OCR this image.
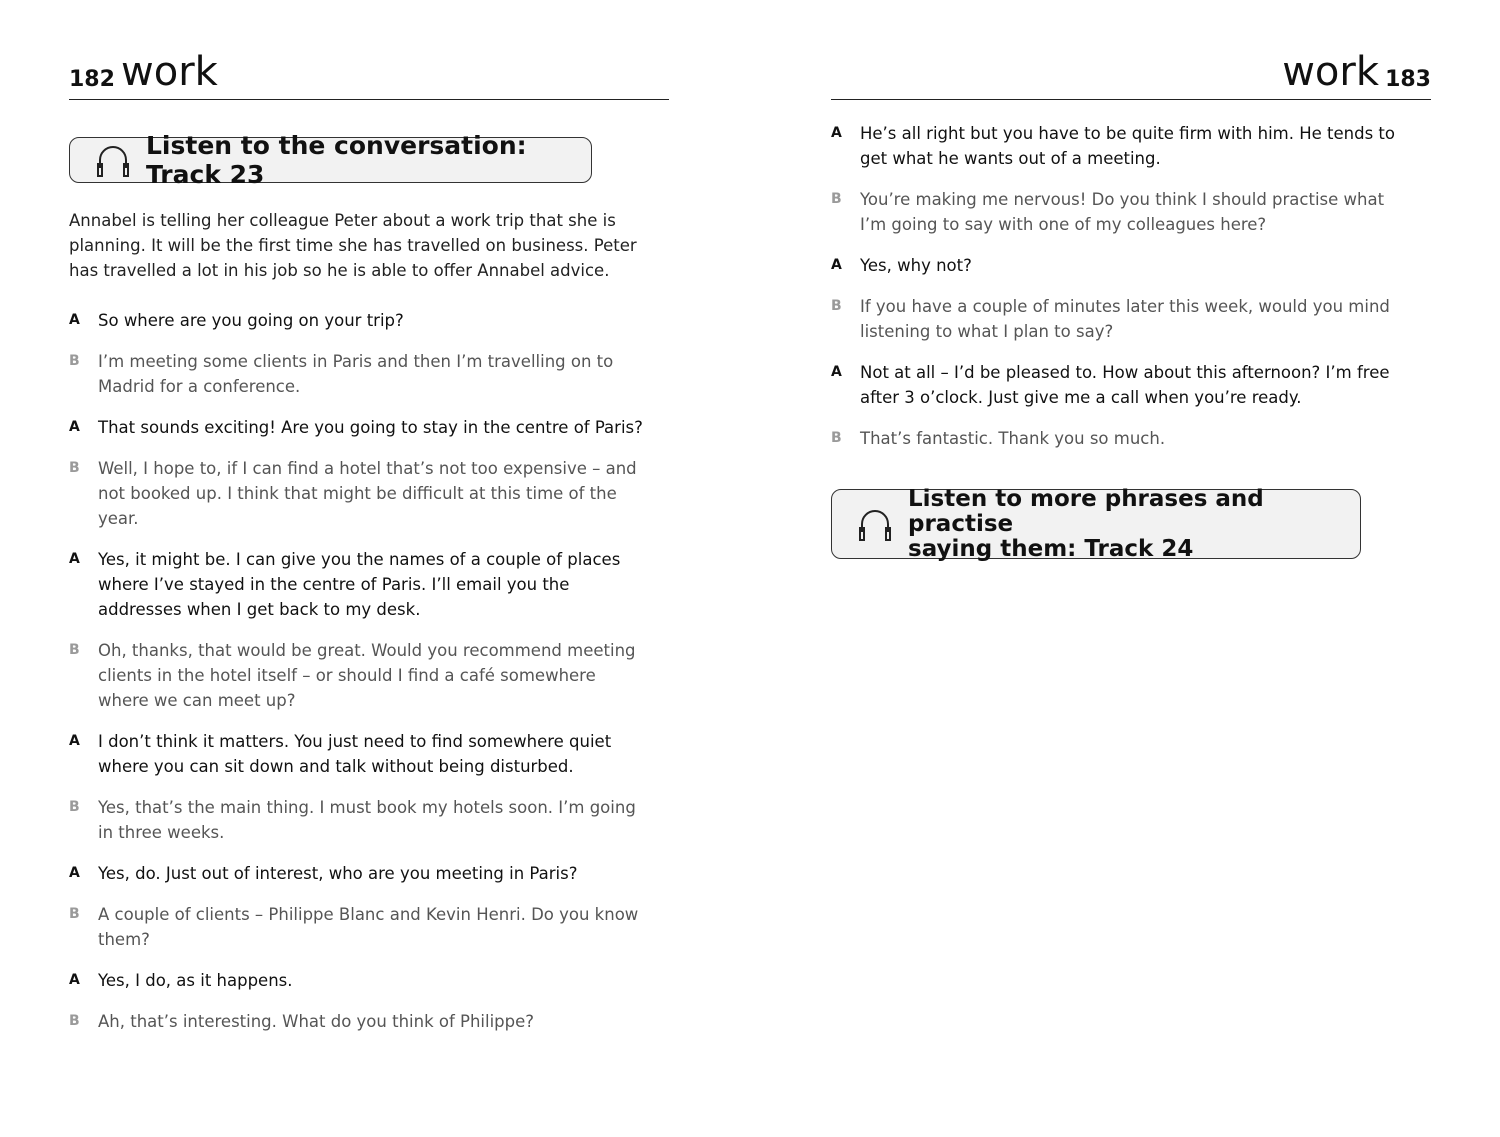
182 work
Listen to the conversation: Track 23

Annabel is telling her colleague Peter about a work trip that she is planning. It will be the first time she has travelled on business. Peter has travelled a lot in his job so he is able to offer Annabel advice.

A	So where are you going on your trip?
B	I’m meeting some clients in Paris and then I’m travelling on to Madrid for a conference.
A	That sounds exciting! Are you going to stay in the centre of Paris?
B	Well, I hope to, if I can find a hotel that’s not too expensive – and not booked up. I think that might be difficult at this time of the year.
A	Yes, it might be. I can give you the names of a couple of places where I’ve stayed in the centre of Paris. I’ll email you the addresses when I get back to my desk.
B	Oh, thanks, that would be great. Would you recommend meeting clients in the hotel itself – or should I find a café somewhere where we can meet up?
A	I don’t think it matters. You just need to find somewhere quiet where you can sit down and talk without being disturbed.
B	Yes, that’s the main thing. I must book my hotels soon. I’m going in three weeks.
A	Yes, do. Just out of interest, who are you meeting in Paris?
B	A couple of clients – Philippe Blanc and Kevin Henri. Do you know them?
A	Yes, I do, as it happens.
B	Ah, that’s interesting. What do you think of Philippe?
work 183
A	He’s all right but you have to be quite firm with him. He tends to get what he wants out of a meeting.
B	You’re making me nervous! Do you think I should practise what I’m going to say with one of my colleagues here?
A	Yes, why not?
B	If you have a couple of minutes later this week, would you mind listening to what I plan to say?
A	Not at all – I’d be pleased to. How about this afternoon? I’m free after 3 o’clock. Just give me a call when you’re ready.
B	That’s fantastic. Thank you so much.
Listen to more phrases and practise
saying them: Track 24
